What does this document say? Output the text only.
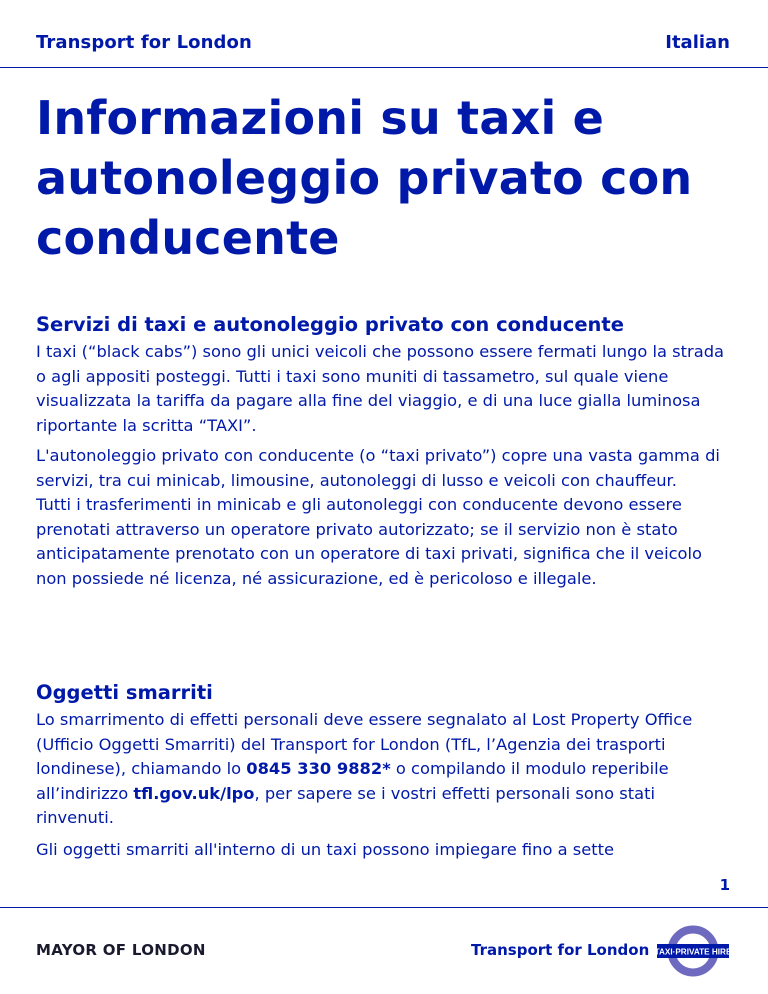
Transport for London	Italian
Informazioni su taxi e autonoleggio privato con conducente
Servizi di taxi e autonoleggio privato con conducente

I taxi (“black cabs”) sono gli unici veicoli che possono essere fermati lungo la strada o agli appositi posteggi. Tutti i taxi sono muniti di tassametro, sul quale viene visualizzata la tariffa da pagare alla fine del viaggio, e di una luce gialla luminosa riportante la scritta “TAXI”.

L'autonoleggio privato con conducente (o “taxi privato”) copre una vasta gamma di servizi, tra cui minicab, limousine, autonoleggi di lusso e veicoli con chauffeur.
Tutti i trasferimenti in minicab e gli autonoleggi con conducente devono essere prenotati attraverso un operatore privato autorizzato; se il servizio non è stato anticipatamente prenotato con un operatore di taxi privati, significa che il veicolo non possiede né licenza, né assicurazione, ed è pericoloso e illegale.

Oggetti smarriti

Lo smarrimento di effetti personali deve essere segnalato al Lost Property Office (Ufficio Oggetti Smarriti) del Transport for London (TfL, l’Agenzia dei trasporti londinese), chiamando lo 0845 330 9882* o compilando il modulo reperibile all’indirizzo tfl.gov.uk/lpo, per sapere se i vostri effetti personali sono stati rinvenuti.

Gli oggetti smarriti all'interno di un taxi possono impiegare fino a sette
1
MAYOR OF LONDON	Transport for London TAXI·PRIVATE HIRE
